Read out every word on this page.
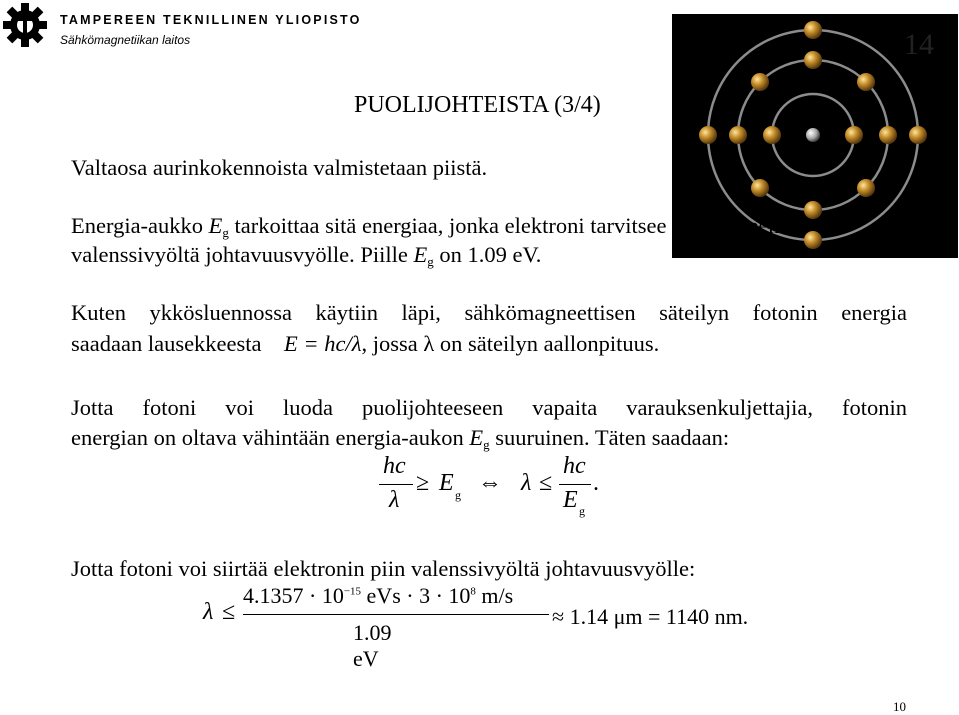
TAMPEREEN TEKNILLINEN YLIOPISTO
Sähkömagnetiikan laitos	14
PUOLIJOHTEISTA (3/4)
Valtaosa aurinkokennoista valmistetaan piistä.
Energia-aukko $E_g$ tarkoittaa sitä energiaa, jonka elektroni tarvitsee siirtyäkseen
valenssivyöltä johtavuusvyölle. Piille $E_g$ on 1.09 eV.
Kuten ykkösluennossa käytiin läpi, sähkömagneettisen säteilyn fotonin energia
saadaan lausekkeesta E = hc/λ, jossa λ on säteilyn aallonpituus.
Jotta fotoni voi luoda puolijohteeseen vapaita varauksenkuljettajia, fotonin
energian on oltava vähintään energia-aukon $E_g$ suuruinen. Täten saadaan:
hc
λ
≥ E g ⇔ λ ≤
hc
E g
.
Jotta fotoni voi siirtää elektronin piin valenssivyöltä johtavuusvyölle:
λ ≤
$4.1357 \cdot 10^{-15}$ eVs · $3 \cdot 10^8$ m/s
1.09 eV
≈ 1.14 μm = 1140 nm.
10
